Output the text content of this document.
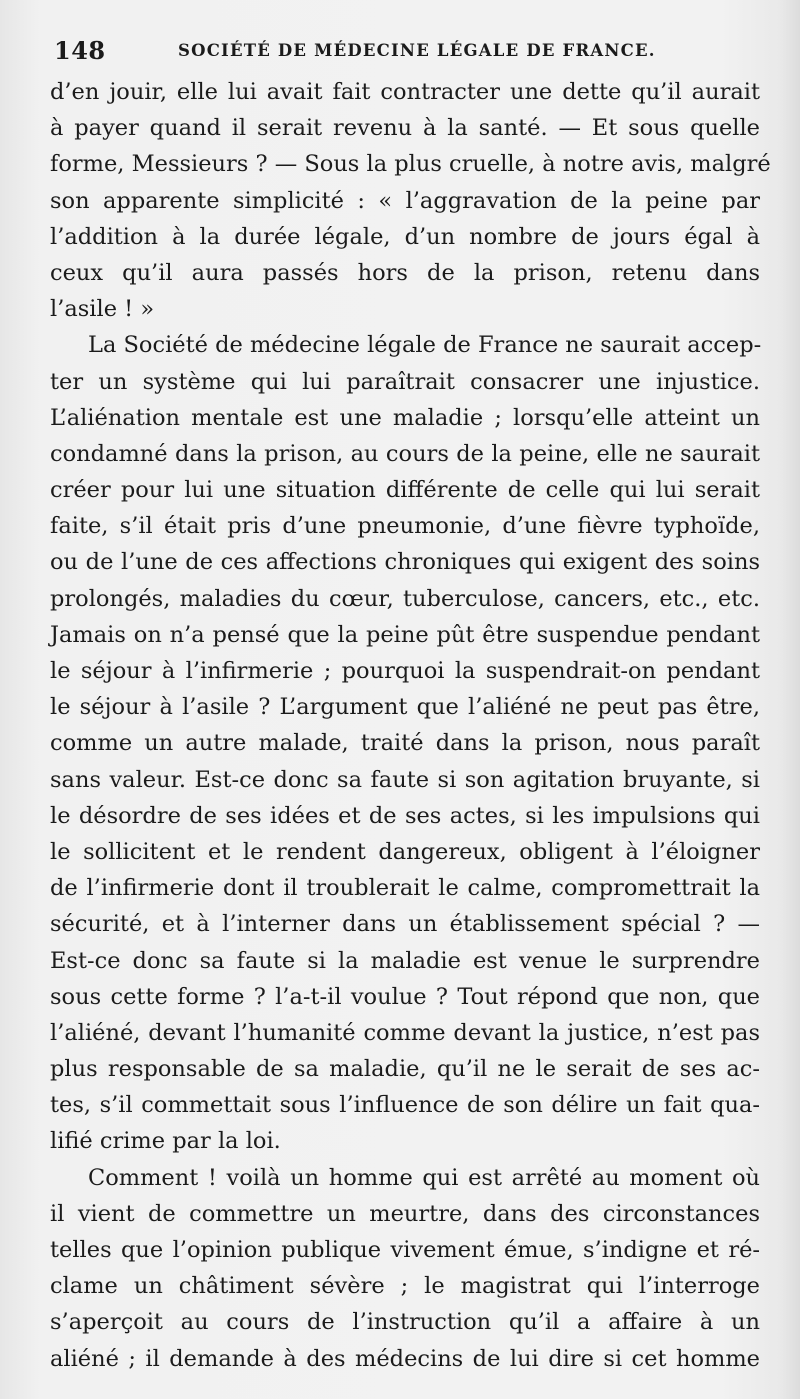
148	SOCIÉTÉ DE MÉDECINE LÉGALE DE FRANCE.
d’en jouir, elle lui avait fait contracter une dette qu’il aurait
à payer quand il serait revenu à la santé. — Et sous quelle
forme, Messieurs ? — Sous la plus cruelle, à notre avis, malgré
son apparente simplicité : « l’aggravation de la peine par
l’addition à la durée légale, d’un nombre de jours égal à
ceux qu’il aura passés hors de la prison, retenu dans
l’asile ! »
La Société de médecine légale de France ne saurait accep-
ter un système qui lui paraîtrait consacrer une injustice.
L’aliénation mentale est une maladie ; lorsqu’elle atteint un
condamné dans la prison, au cours de la peine, elle ne saurait
créer pour lui une situation différente de celle qui lui serait
faite, s’il était pris d’une pneumonie, d’une fièvre typhoïde,
ou de l’une de ces affections chroniques qui exigent des soins
prolongés, maladies du cœur, tuberculose, cancers, etc., etc.
Jamais on n’a pensé que la peine pût être suspendue pendant
le séjour à l’infirmerie ; pourquoi la suspendrait-on pendant
le séjour à l’asile ? L’argument que l’aliéné ne peut pas être,
comme un autre malade, traité dans la prison, nous paraît
sans valeur. Est-ce donc sa faute si son agitation bruyante, si
le désordre de ses idées et de ses actes, si les impulsions qui
le sollicitent et le rendent dangereux, obligent à l’éloigner
de l’infirmerie dont il troublerait le calme, compromettrait la
sécurité, et à l’interner dans un établissement spécial ? —
Est-ce donc sa faute si la maladie est venue le surprendre
sous cette forme ? l’a-t-il voulue ? Tout répond que non, que
l’aliéné, devant l’humanité comme devant la justice, n’est pas
plus responsable de sa maladie, qu’il ne le serait de ses ac-
tes, s’il commettait sous l’influence de son délire un fait qua-
lifié crime par la loi.
Comment ! voilà un homme qui est arrêté au moment où
il vient de commettre un meurtre, dans des circonstances
telles que l’opinion publique vivement émue, s’indigne et ré-
clame un châtiment sévère ; le magistrat qui l’interroge
s’aperçoit au cours de l’instruction qu’il a affaire à un
aliéné ; il demande à des médecins de lui dire si cet homme
